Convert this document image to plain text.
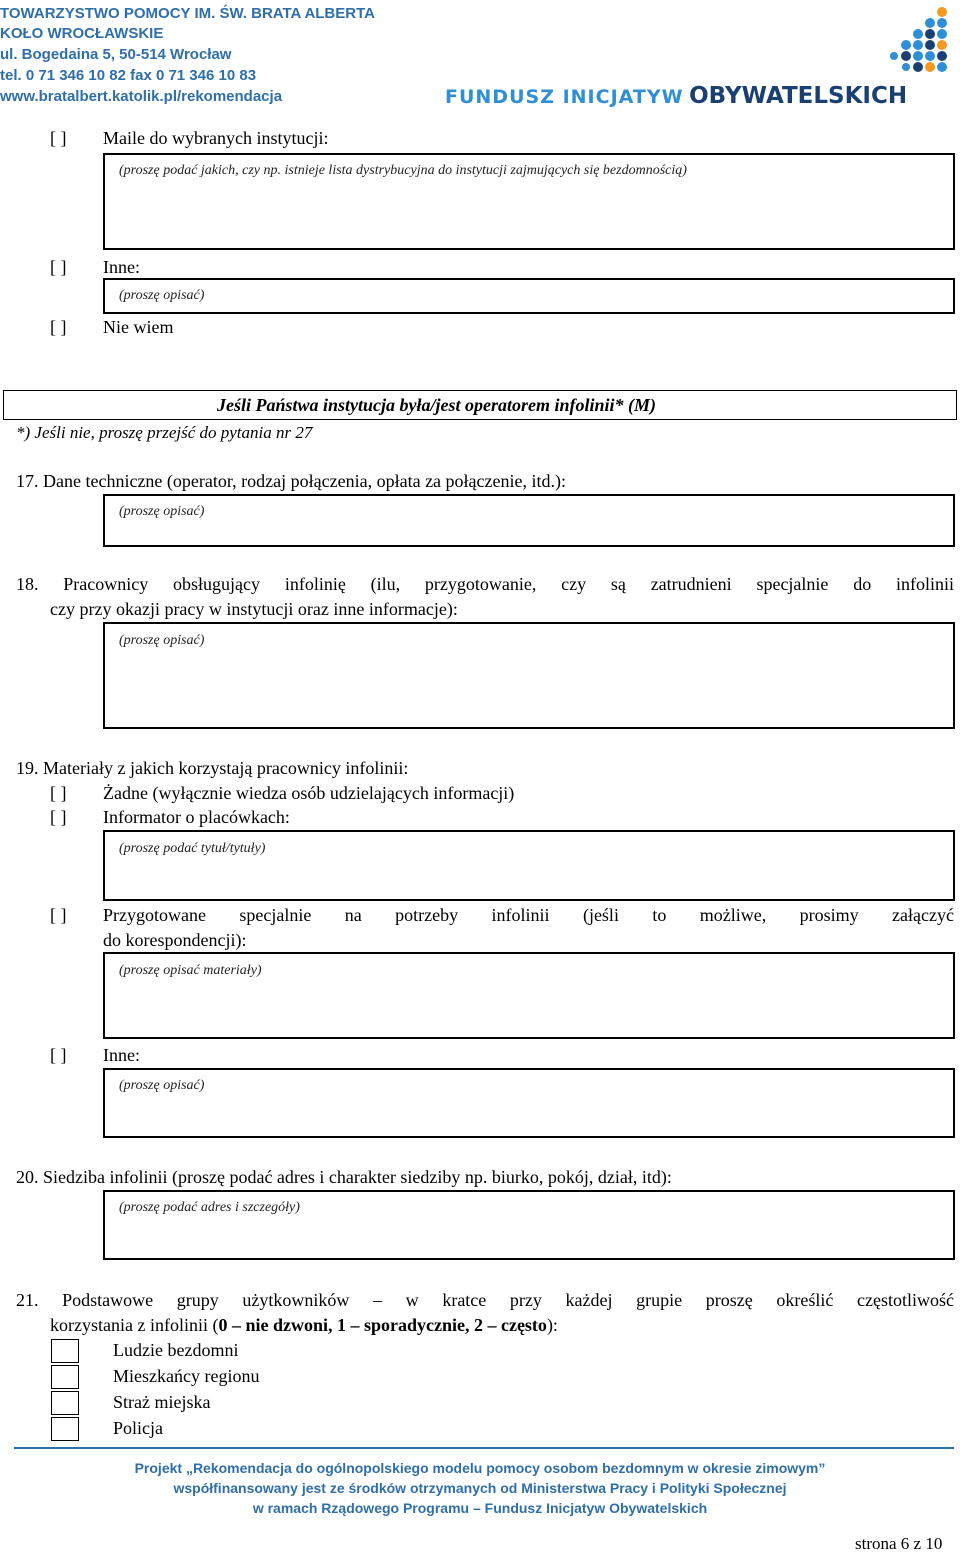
TOWARZYSTWO POMOCY IM. ŚW. BRATA ALBERTA
KOŁO WROCŁAWSKIE
ul. Bogedaina 5, 50-514 Wrocław
tel. 0 71 346 10 82 fax 0 71 346 10 83
www.bratalbert.katolik.pl/rekomendacja	FUNDUSZ INICJATYW OBYWATELSKICH
[ ] Maile do wybranych instytucji:
(proszę podać jakich, czy np. istnieje lista dystrybucyjna do instytucji zajmujących się bezdomnością)
[ ] Inne:
(proszę opisać)
[ ] Nie wiem
Jeśli Państwa instytucja była/jest operatorem infolinii* (M)
*) Jeśli nie, proszę przejść do pytania nr 27
17. Dane techniczne (operator, rodzaj połączenia, opłata za połączenie, itd.):
(proszę opisać)
18. Pracownicy obsługujący infolinię (ilu, przygotowanie, czy są zatrudnieni specjalnie do infolinii
czy przy okazji pracy w instytucji oraz inne informacje):
(proszę opisać)
19. Materiały z jakich korzystają pracownicy infolinii:
[ ] Żadne (wyłącznie wiedza osób udzielających informacji)
[ ] Informator o placówkach:
(proszę podać tytuł/tytuły)
[ ] Przygotowane specjalnie na potrzeby infolinii (jeśli to możliwe, prosimy załączyć
do korespondencji):
(proszę opisać materiały)
[ ] Inne:
(proszę opisać)
20. Siedziba infolinii (proszę podać adres i charakter siedziby np. biurko, pokój, dział, itd):
(proszę podać adres i szczegóły)
21. Podstawowe grupy użytkowników – w kratce przy każdej grupie proszę określić częstotliwość
korzystania z infolinii (0 – nie dzwoni, 1 – sporadycznie, 2 – często):
Ludzie bezdomni
Mieszkańcy regionu
Straż miejska
Policja
Projekt „Rekomendacja do ogólnopolskiego modelu pomocy osobom bezdomnym w okresie zimowym”
współfinansowany jest ze środków otrzymanych od Ministerstwa Pracy i Polityki Społecznej
w ramach Rządowego Programu – Fundusz Inicjatyw Obywatelskich
strona 6 z 10
